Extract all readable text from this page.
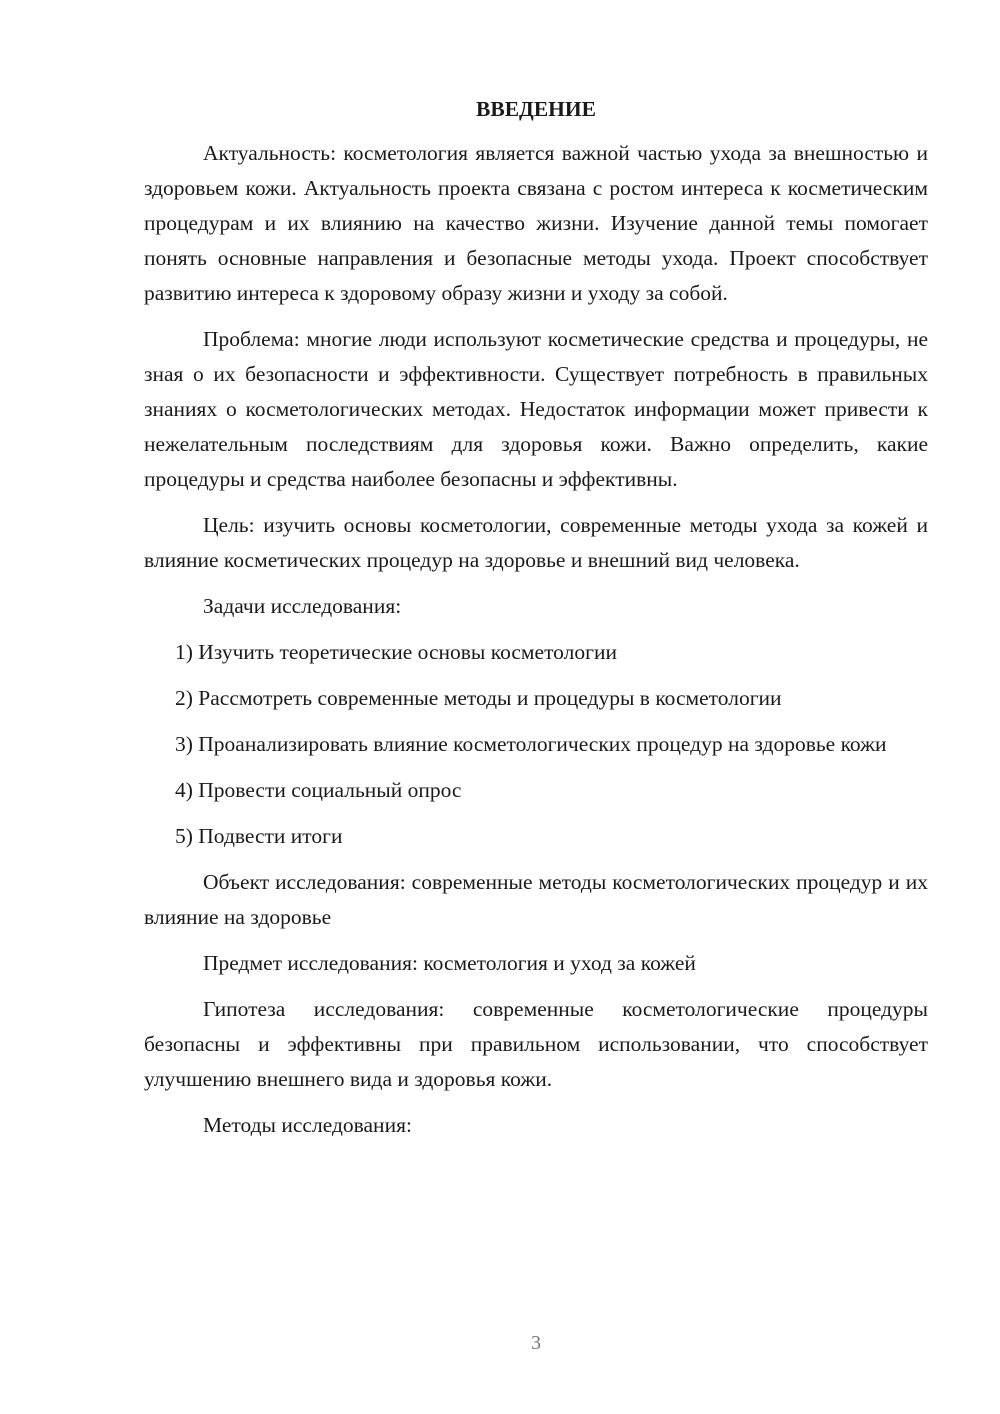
ВВЕДЕНИЕ

Актуальность: косметология является важной частью ухода за внешностью и здоровьем кожи. Актуальность проекта связана с ростом интереса к косметическим процедурам и их влиянию на качество жизни. Изучение данной темы помогает понять основные направления и безопасные методы ухода. Проект способствует развитию интереса к здоровому образу жизни и уходу за собой.

Проблема: многие люди используют косметические средства и процедуры, не зная о их безопасности и эффективности. Существует потребность в правильных знаниях о косметологических методах. Недостаток информации может привести к нежелательным последствиям для здоровья кожи. Важно определить, какие процедуры и средства наиболее безопасны и эффективны.

Цель: изучить основы косметологии, современные методы ухода за кожей и влияние косметических процедур на здоровье и внешний вид человека.

Задачи исследования:

1) Изучить теоретические основы косметологии

2) Рассмотреть современные методы и процедуры в косметологии

3) Проанализировать влияние косметологических процедур на здоровье кожи

4) Провести социальный опрос

5) Подвести итоги

Объект исследования: современные методы косметологических процедур и их влияние на здоровье

Предмет исследования: косметология и уход за кожей

Гипотеза исследования: современные косметологические процедуры безопасны и эффективны при правильном использовании, что способствует улучшению внешнего вида и здоровья кожи.

Методы исследования:

3
